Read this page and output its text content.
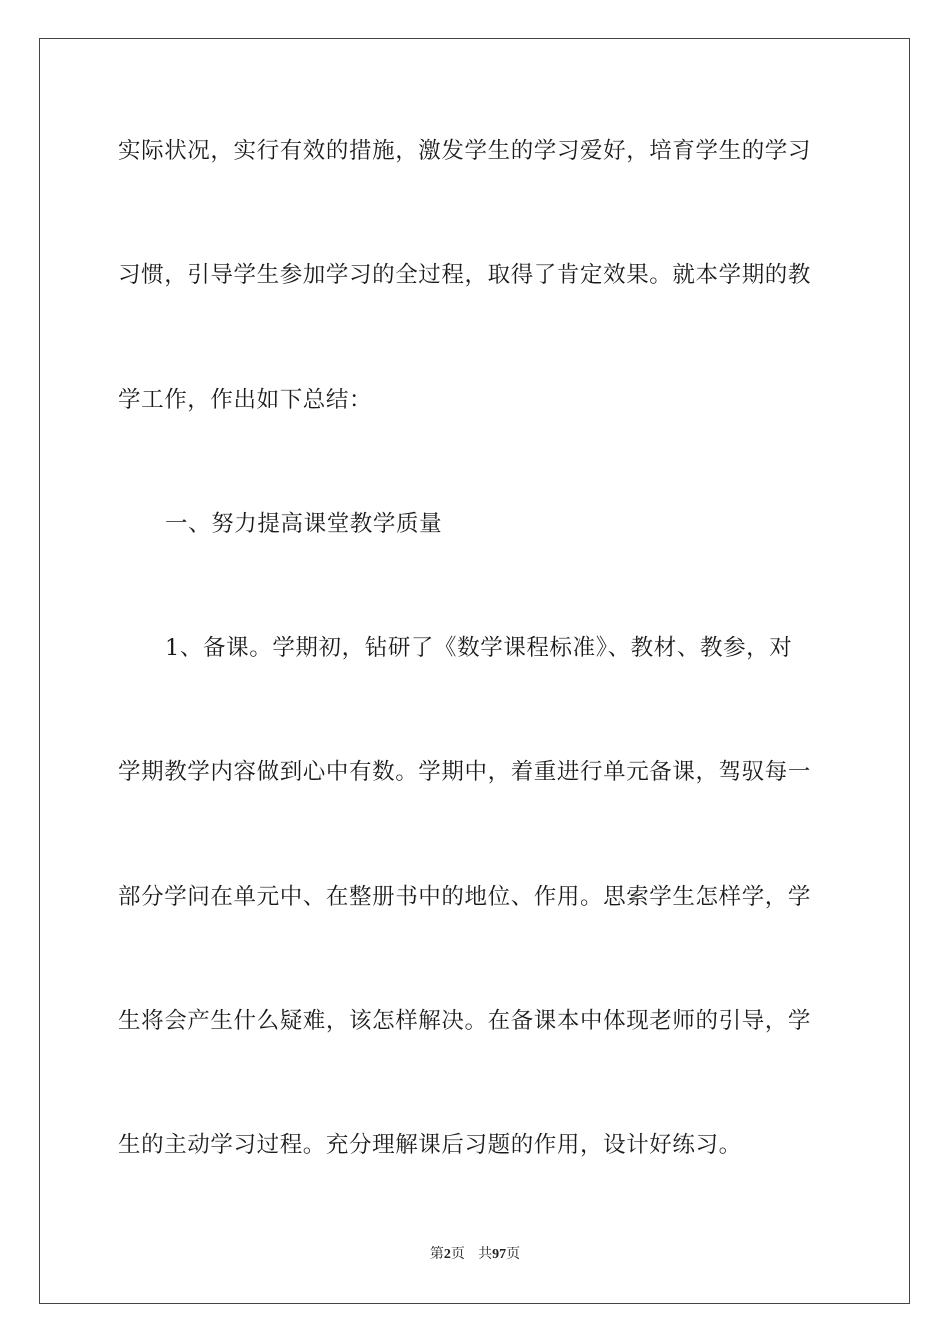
实际状况，实行有效的措施，激发学生的学习爱好，培育学生的学习
习惯，引导学生参加学习的全过程，取得了肯定效果。就本学期的教
学工作，作出如下总结：
一、努力提高课堂教学质量
1、备课。学期初，钻研了《数学课程标准》、教材、教参，对
学期教学内容做到心中有数。学期中，着重进行单元备课，驾驭每一
部分学问在单元中、在整册书中的地位、作用。思索学生怎样学，学
生将会产生什么疑难，该怎样解决。在备课本中体现老师的引导，学
生的主动学习过程。充分理解课后习题的作用，设计好练习。
第2页 共97页
